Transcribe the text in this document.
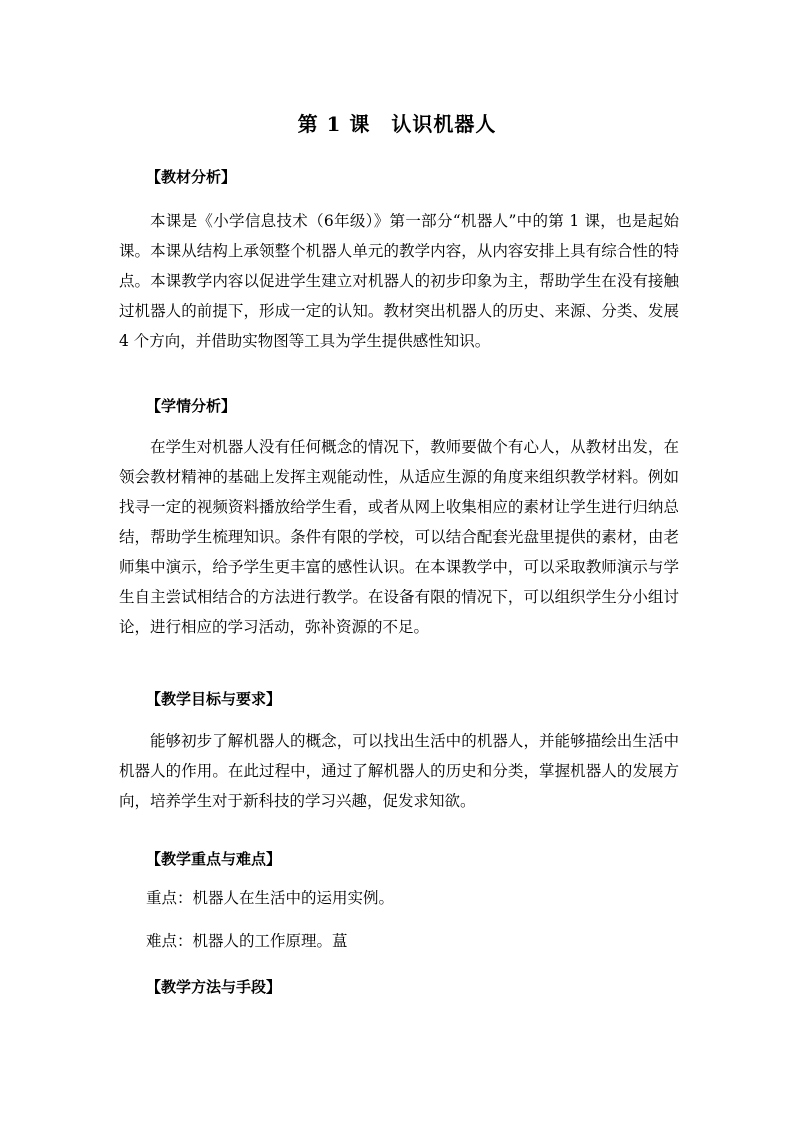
第 1 课　认识机器人
【教材分析】

本课是《小学信息技术（6年级）》第一部分“机器人”中的第 1 课，也是起始课。本课从结构上承领整个机器人单元的教学内容，从内容安排上具有综合性的特点。本课教学内容以促进学生建立对机器人的初步印象为主，帮助学生在没有接触过机器人的前提下，形成一定的认知。教材突出机器人的历史、来源、分类、发展 4 个方向，并借助实物图等工具为学生提供感性知识。

【学情分析】

在学生对机器人没有任何概念的情况下，教师要做个有心人，从教材出发，在领会教材精神的基础上发挥主观能动性，从适应生源的角度来组织教学材料。例如找寻一定的视频资料播放给学生看，或者从网上收集相应的素材让学生进行归纳总结，帮助学生梳理知识。条件有限的学校，可以结合配套光盘里提供的素材，由老师集中演示，给予学生更丰富的感性认识。在本课教学中，可以采取教师演示与学生自主尝试相结合的方法进行教学。在设备有限的情况下，可以组织学生分小组讨论，进行相应的学习活动，弥补资源的不足。

【教学目标与要求】

能够初步了解机器人的概念，可以找出生活中的机器人，并能够描绘出生活中机器人的作用。在此过程中，通过了解机器人的历史和分类，掌握机器人的发展方向，培养学生对于新科技的学习兴趣，促发求知欲。

【教学重点与难点】
重点：机器人在生活中的运用实例。
难点：机器人的工作原理。蒀
【教学方法与手段】
